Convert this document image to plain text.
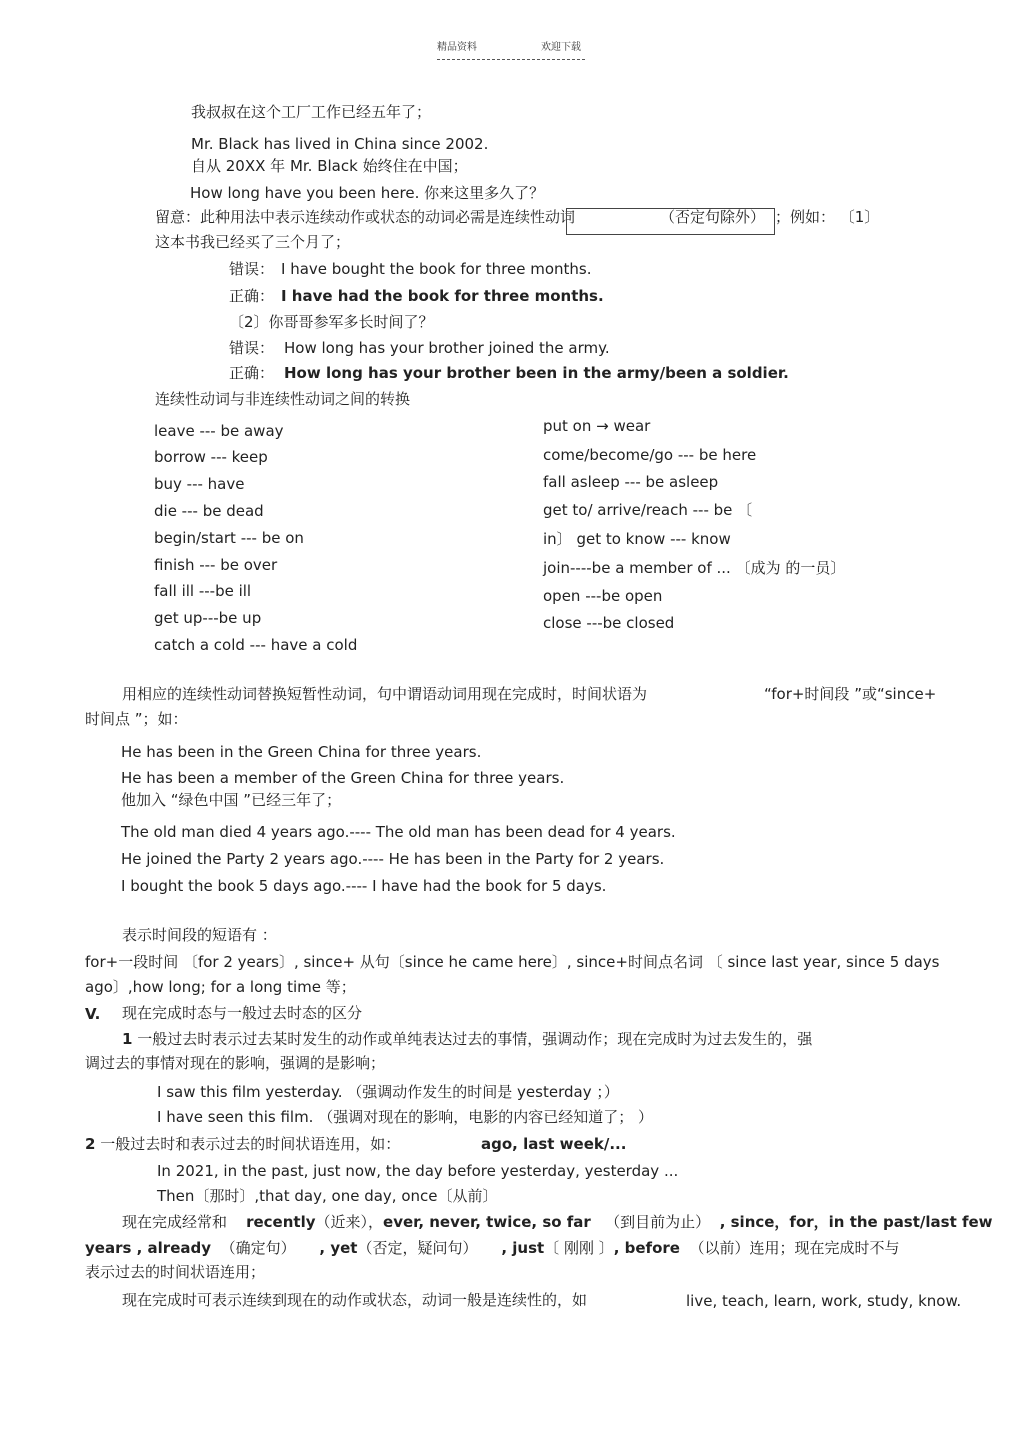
精品资料	欢迎下载
我叔叔在这个工厂工作已经五年了；
Mr. Black has lived in China since 2002.
自从 20XX 年 Mr. Black 始终住在中国；
How long have you been here. 你来这里多久了？
留意：此种用法中表示连续动作或状态的动词必需是连续性动词	（否定句除外） ；例如： 〔1〕
这本书我已经买了三个月了；
错误： I have bought the book for three months.
正确： I have had the book for three months.
〔2〕你哥哥参军多长时间了？
错误： How long has your brother joined the army.
正确： How long has your brother been in the army/been a soldier.
连续性动词与非连续性动词之间的转换
leave --- be away
borrow --- keep
buy --- have
die --- be dead
begin/start --- be on
finish --- be over
fall ill ---be ill
get up---be up
catch a cold --- have a cold
put on → wear
come/become/go --- be here
fall asleep --- be asleep
get to/ arrive/reach --- be 〔
in〕 get to know --- know
join----be a member of ... 〔成为 的一员〕
open ---be open
close ---be closed
用相应的连续性动词替换短暂性动词，句中谓语动词用现在完成时，时间状语为	“for+时间段 ”或“since+
时间点 ”；如：
He has been in the Green China for three years.
He has been a member of the Green China for three years.
他加入 “绿色中国 ”已经三年了；
The old man died 4 years ago.---- The old man has been dead for 4 years.
He joined the Party 2 years ago.---- He has been in the Party for 2 years.
I bought the book 5 days ago.---- I have had the book for 5 days.
表示时间段的短语有 ：
for+一段时间 〔for 2 years〕, since+ 从句〔since he came here〕, since+时间点名词 〔 since last year, since 5 days
ago〕,how long; for a long time 等；
V. 现在完成时态与一般过去时态的区分
1 一般过去时表示过去某时发生的动作或单纯表达过去的事情，强调动作；现在完成时为过去发生的，强
调过去的事情对现在的影响，强调的是影响；
I saw this film yesterday. （强调动作发生的时间是 yesterday ；）
I have seen this film. （强调对现在的影响，电影的内容已经知道了； ）
2 一般过去时和表示过去的时间状语连用，如：	ago, last week/...
In 2021, in the past, just now, the day before yesterday, yesterday ...
Then〔那时〕,that day, one day, once〔从前〕
现在完成经常和 recently（近来），ever, never, twice, so far （到目前为止） , since，for，in the past/last few
years , already （确定句） , yet（否定，疑问句） , just〔 刚刚 〕, before （以前）连用；现在完成时不与
表示过去的时间状语连用；
现在完成时可表示连续到现在的动作或状态，动词一般是连续性的，如	live, teach, learn, work, study, know.
